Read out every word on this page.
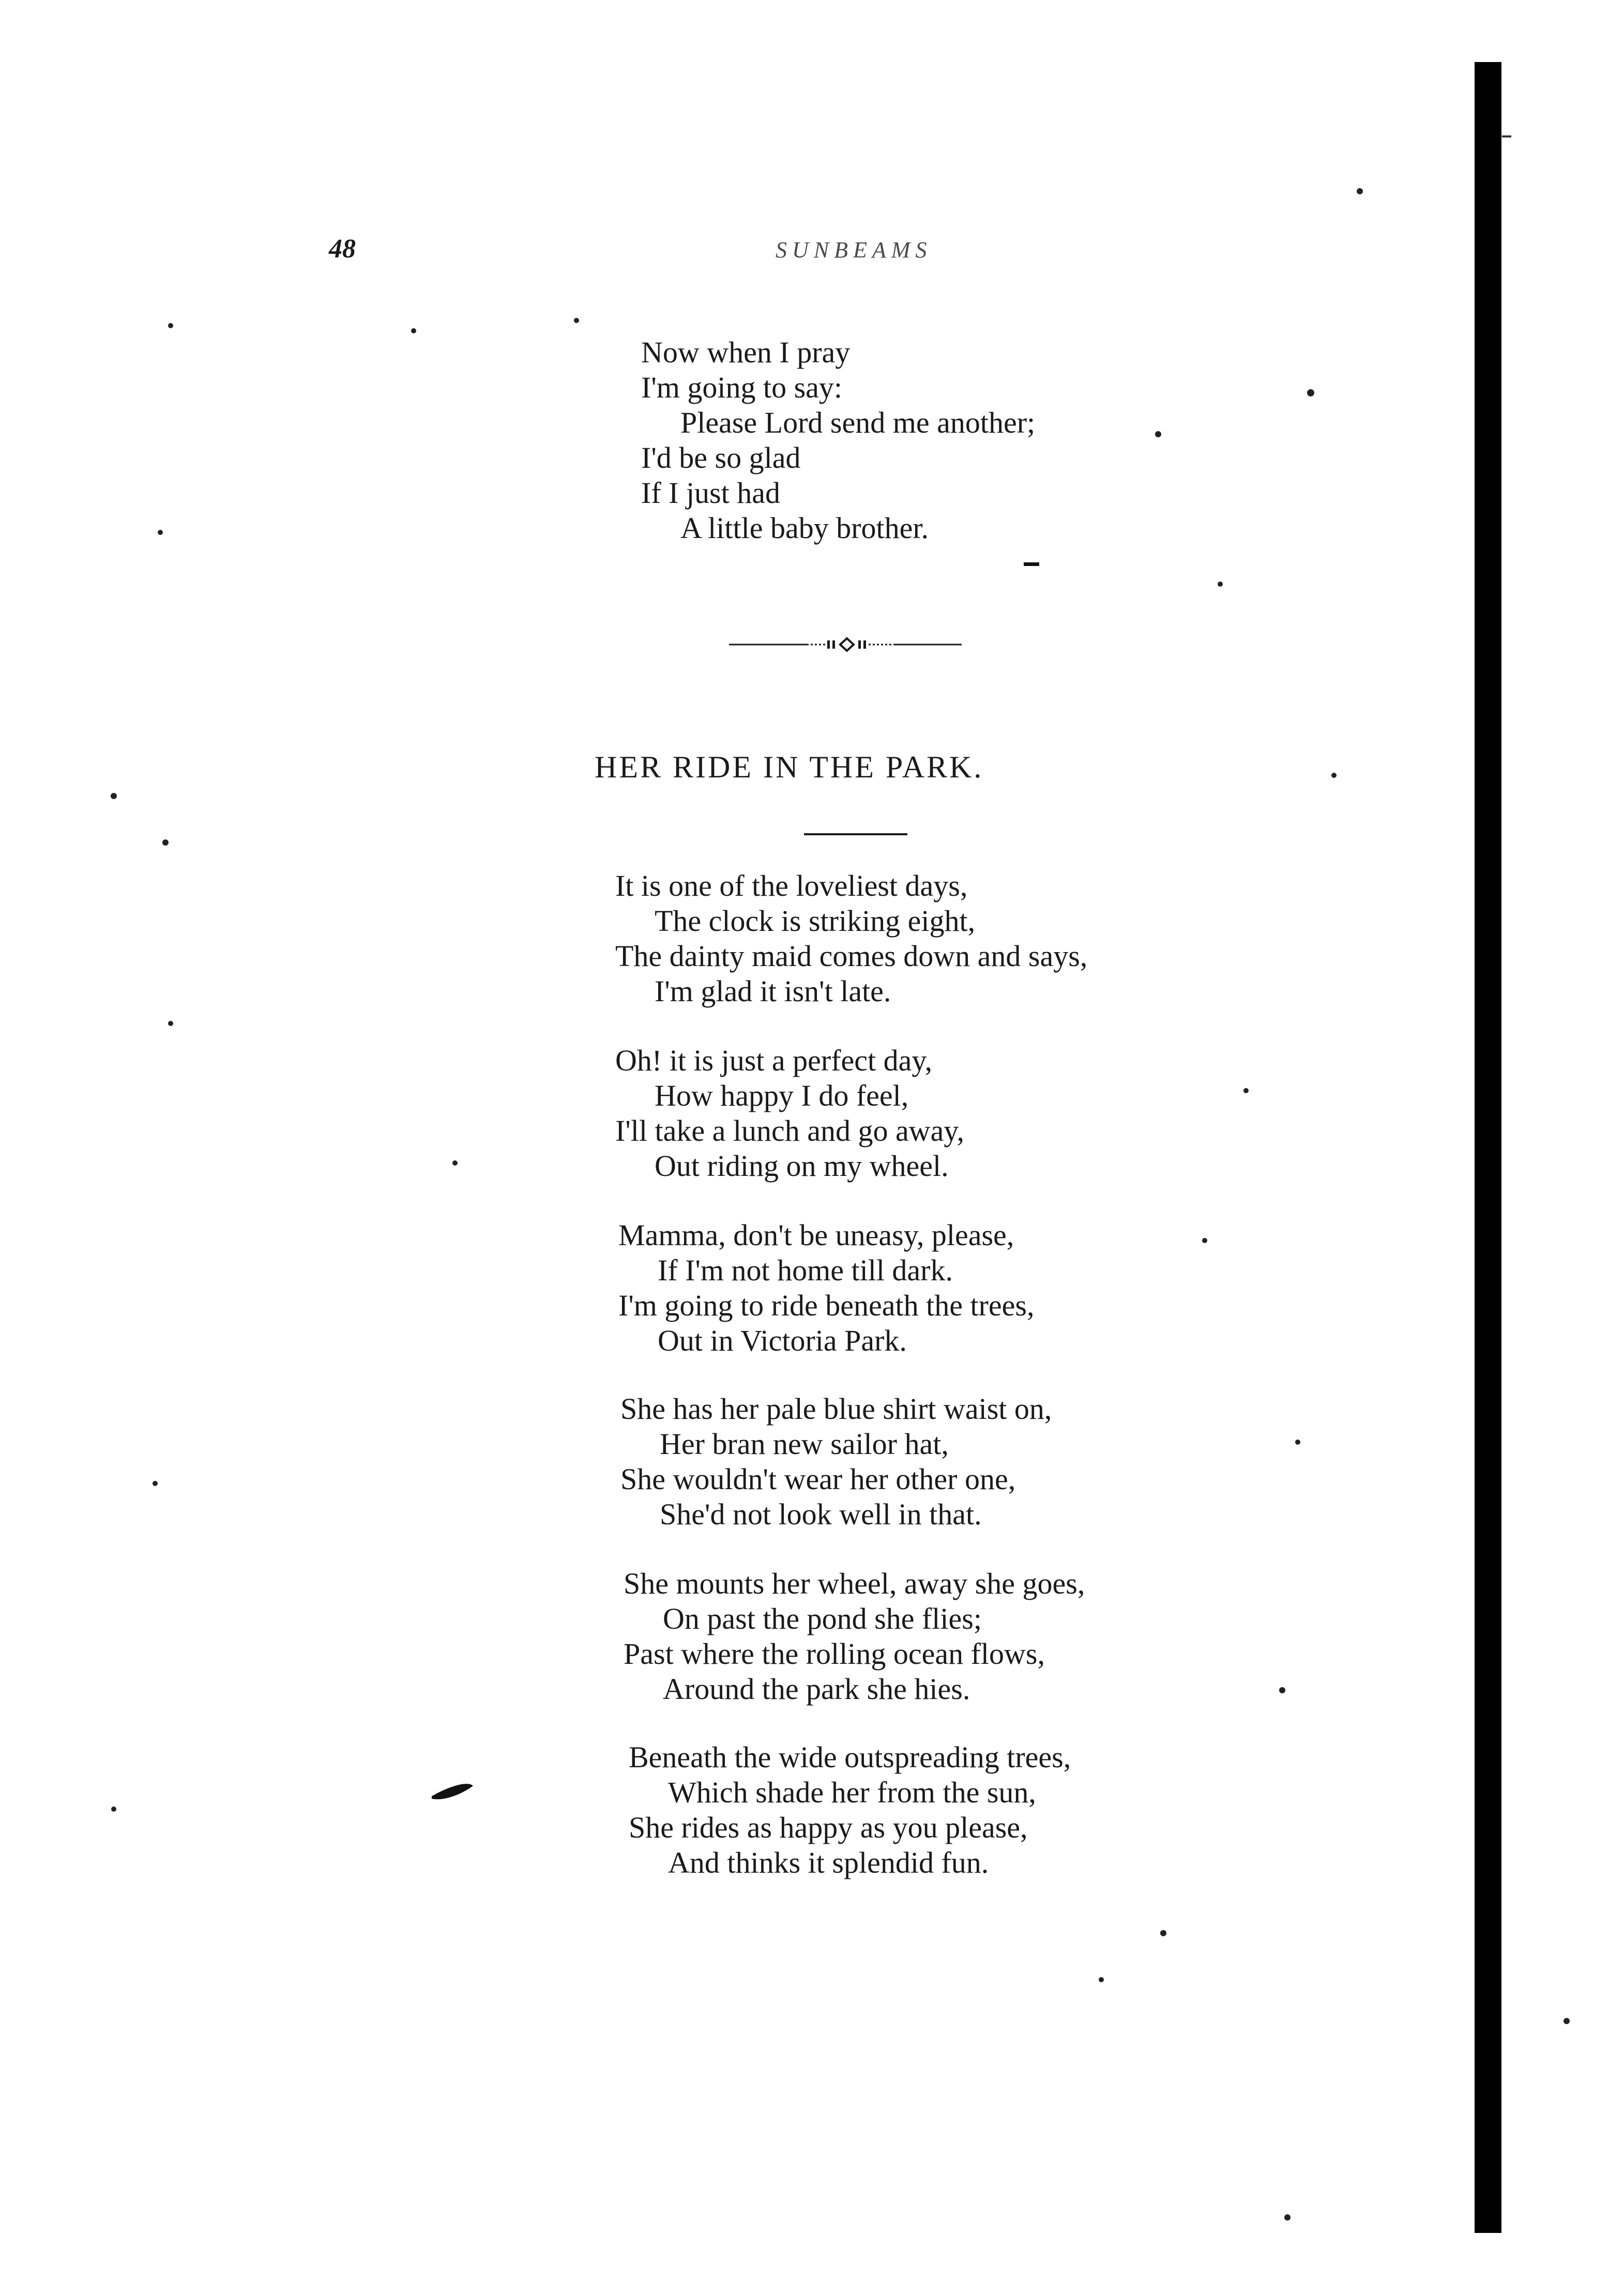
48	SUNBEAMS
Now when I pray
I'm going to say:
Please Lord send me another;
I'd be so glad
If I just had
A little baby brother.
HER RIDE IN THE PARK.
It is one of the loveliest days,
The clock is striking eight,
The dainty maid comes down and says,
I'm glad it isn't late.
Oh! it is just a perfect day,
How happy I do feel,
I'll take a lunch and go away,
Out riding on my wheel.
Mamma, don't be uneasy, please,
If I'm not home till dark.
I'm going to ride beneath the trees,
Out in Victoria Park.
She has her pale blue shirt waist on,
Her bran new sailor hat,
She wouldn't wear her other one,
She'd not look well in that.
She mounts her wheel, away she goes,
On past the pond she flies;
Past where the rolling ocean flows,
Around the park she hies.
Beneath the wide outspreading trees,
Which shade her from the sun,
She rides as happy as you please,
And thinks it splendid fun.
